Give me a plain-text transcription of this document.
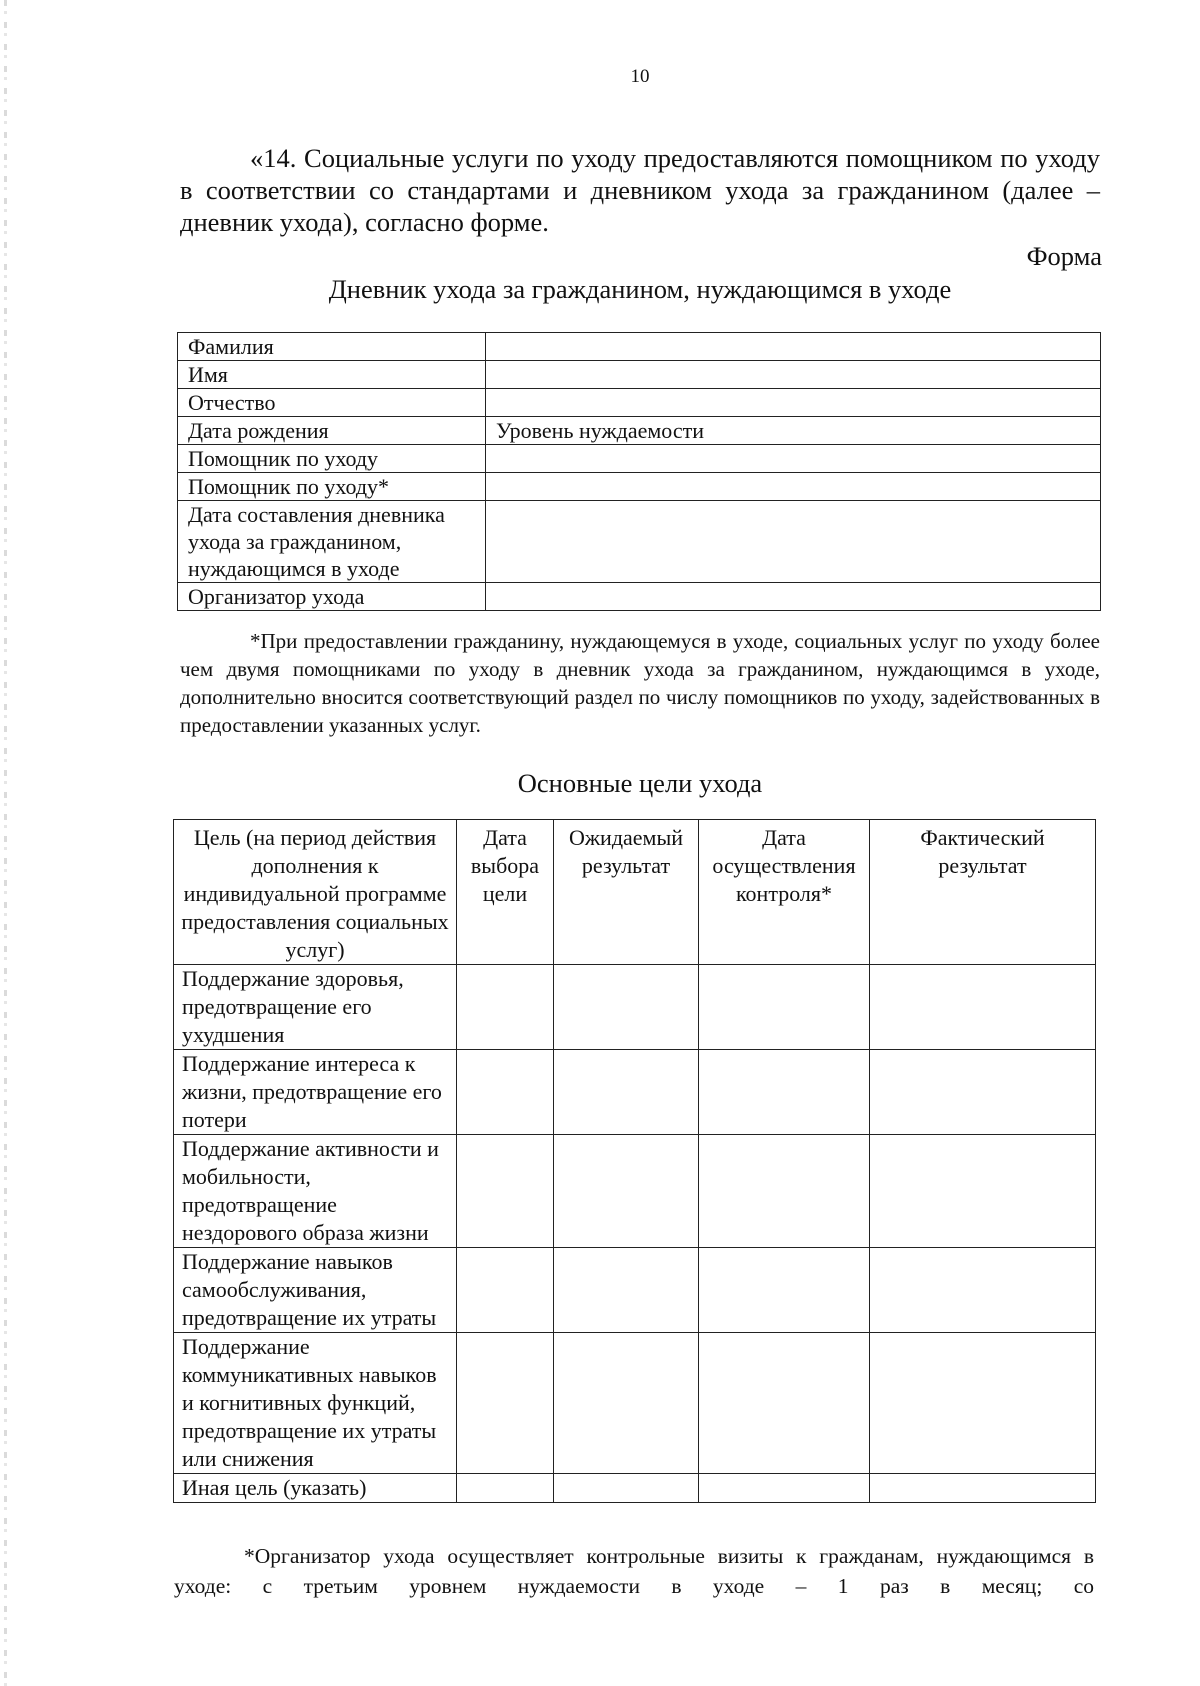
10

«14. Социальные услуги по уходу предоставляются помощником по уходу в соответствии со стандартами и дневником ухода за гражданином (далее – дневник ухода), согласно форме.

Форма
Дневник ухода за гражданином, нуждающимся в уходе
Фамилия	
Имя	
Отчество	
Дата рождения	Уровень нуждаемости
Помощник по уходу	
Помощник по уходу*	
Дата составления дневника ухода за гражданином, нуждающимся в уходе	
Организатор ухода	

*При предоставлении гражданину, нуждающемуся в уходе, социальных услуг по уходу более чем двумя помощниками по уходу в дневник ухода за гражданином, нуждающимся в уходе, дополнительно вносится соответствующий раздел по числу помощников по уходу, задействованных в предоставлении указанных услуг.

Основные цели ухода
Цель (на период действия дополнения к индивидуальной программе предоставления социальных услуг)	Дата выбора цели	Ожидаемый результат	Дата осуществления контроля*	Фактический результат
Поддержание здоровья, предотвращение его ухудшения				
Поддержание интереса к жизни, предотвращение его потери				
Поддержание активности и мобильности, предотвращение нездорового образа жизни				
Поддержание навыков самообслуживания, предотвращение их утраты				
Поддержание коммуникативных навыков и когнитивных функций, предотвращение их утраты или снижения				
Иная цель (указать)				

*Организатор ухода осуществляет контрольные визиты к гражданам, нуждающимся в уходе: с третьим уровнем нуждаемости в уходе – 1 раз в месяц; со
